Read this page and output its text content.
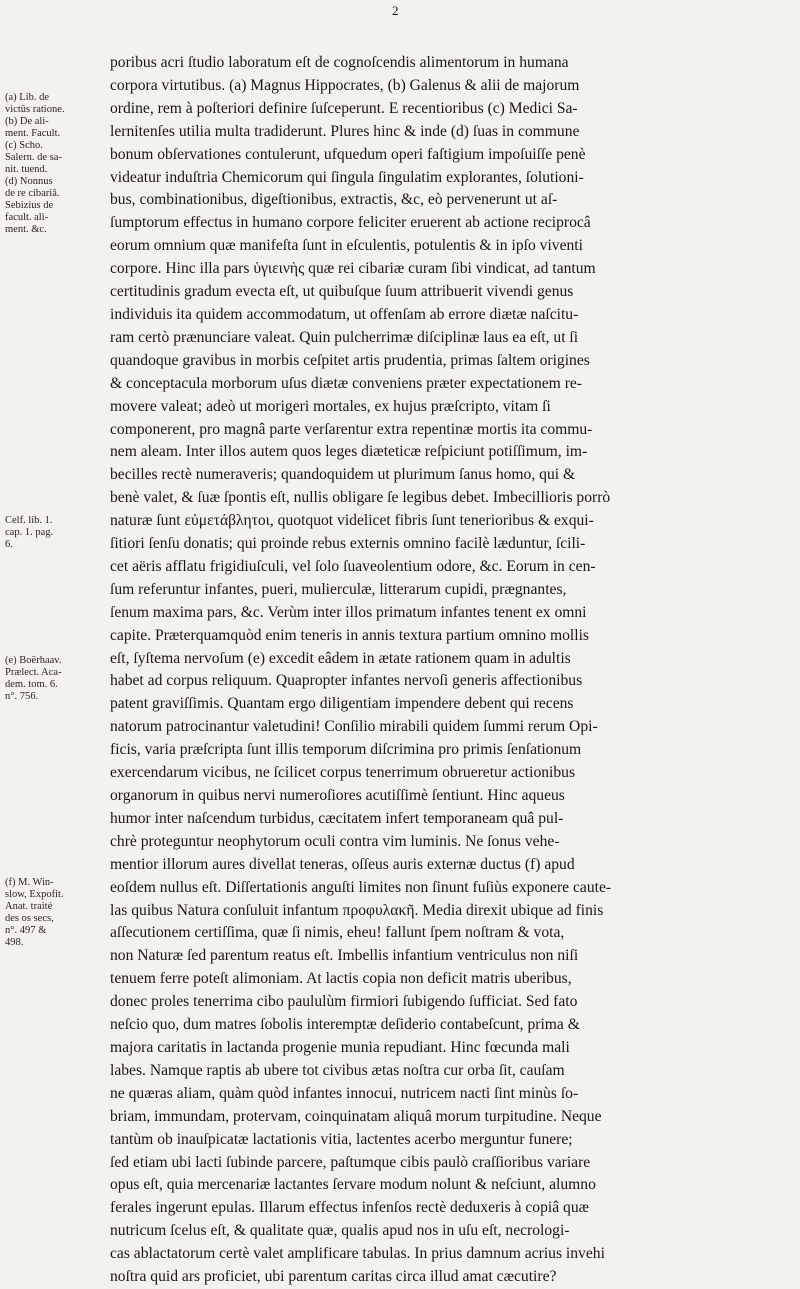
2
(a) Lib. de
victûs ratione.
(b) De ali-
ment. Facult.
(c) Scho.
Salern. de sa-
nit. tuend.
(d) Nonnus
de re cibariâ.
Sebizius de
facult. ali-
ment. &c.
Celf. lib. 1.
cap. 1. pag.
6.
(e) Boërhaav.
Prælect. Aca-
dem. tom. 6.
n°. 756.
(f) M. Win-
slow, Expofit.
Anat. traité
des os secs,
n°. 497 &
498.
poribus acri ſtudio laboratum eſt de cognoſcendis alimentorum in humana
corpora virtutibus. (a) Magnus Hippocrates, (b) Galenus & alii de majorum
ordine, rem à poſteriori definire ſuſceperunt. E recentioribus (c) Medici Sa-
lernitenſes utilia multa tradiderunt. Plures hinc & inde (d) ſuas in commune
bonum obſervationes contulerunt, ufquedum operi faſtigium impoſuiſſe penè
videatur induſtria Chemicorum qui ſingula ſingulatim explorantes, ſolutioni-
bus, combinationibus, digeſtionibus, extractis, &c, eò pervenerunt ut aſ-
ſumptorum effectus in humano corpore feliciter eruerent ab actione reciprocâ
eorum omnium quæ manifeſta ſunt in eſculentis, potulentis & in ipſo viventi
corpore. Hinc illa pars ὑγιεινὴς quæ rei cibariæ curam ſibi vindicat, ad tantum
certitudinis gradum evecta eſt, ut quibuſque ſuum attribuerit vivendi genus
individuis ita quidem accommodatum, ut offenſam ab errore diætæ naſcitu-
ram certò prænunciare valeat. Quin pulcherrimæ diſciplinæ laus ea eſt, ut ſi
quandoque gravibus in morbis ceſpitet artis prudentia, primas ſaltem origines
& conceptacula morborum uſus diætæ conveniens præter expectationem re-
movere valeat; adeò ut morigeri mortales, ex hujus præſcripto, vitam ſi
componerent, pro magnâ parte verſarentur extra repentinæ mortis ita commu-
nem aleam. Inter illos autem quos leges diæteticæ reſpiciunt potiſſimum, im-
becilles rectè numeraveris; quandoquidem ut plurimum ſanus homo, qui &
benè valet, & ſuæ ſpontis eſt, nullis obligare ſe legibus debet. Imbecillioris porrò
naturæ ſunt εὐμετάβλητοι, quotquot videlicet fibris ſunt tenerioribus & exqui-
ſitiori ſenſu donatis; qui proinde rebus externis omnino facilè læduntur, ſcili-
cet aëris afflatu frigidiuſculi, vel ſolo ſuaveolentium odore, &c. Eorum in cen-
ſum referuntur infantes, pueri, mulierculæ, litterarum cupidi, prægnantes,
ſenum maxima pars, &c. Verùm inter illos primatum infantes tenent ex omni
capite. Præterquamquòd enim teneris in annis textura partium omnino mollis
eſt, ſyſtema nervoſum (e) excedit eâdem in ætate rationem quam in adultis
habet ad corpus reliquum. Quapropter infantes nervoſi generis affectionibus
patent graviſſimis. Quantam ergo diligentiam impendere debent qui recens
natorum patrocinantur valetudini! Conſilio mirabili quidem ſummi rerum Opi-
ficis, varia præſcripta ſunt illis temporum diſcrimina pro primis ſenſationum
exercendarum vicibus, ne ſcilicet corpus tenerrimum obrueretur actionibus
organorum in quibus nervi numeroſiores acutiſſimè ſentiunt. Hinc aqueus
humor inter naſcendum turbidus, cæcitatem infert temporaneam quâ pul-
chrè proteguntur neophytorum oculi contra vim luminis. Ne ſonus vehe-
mentior illorum aures divellat teneras, oſſeus auris externæ ductus (f) apud
eoſdem nullus eſt. Diſſertationis anguſti limites non ſinunt fuſiùs exponere caute-
las quibus Natura conſuluit infantum πρoφυλακῆ. Media direxit ubique ad finis
aſſecutionem certiſſima, quæ ſi nimis, eheu! fallunt ſpem noſtram & vota,
non Naturæ ſed parentum reatus eſt. Imbellis infantium ventriculus non niſi
tenuem ferre poteſt alimoniam. At lactis copia non deficit matris uberibus,
donec proles tenerrima cibo paululùm firmiori ſubigendo ſufficiat. Sed fato
neſcio quo, dum matres ſobolis interemptæ deſiderio contabeſcunt, prima &
majora caritatis in lactanda progenie munia repudiant. Hinc fœcunda mali
labes. Namque raptis ab ubere tot civibus ætas noſtra cur orba ſit, cauſam
ne quæras aliam, quàm quòd infantes innocui, nutricem nacti ſint minùs ſo-
briam, immundam, protervam, coinquinatam aliquâ morum turpitudine. Neque
tantùm ob inauſpicatæ lactationis vitia, lactentes acerbo merguntur funere;
ſed etiam ubi lacti ſubinde parcere, paſtumque cibis paulò craſſioribus variare
opus eſt, quia mercenariæ lactantes ſervare modum nolunt & neſciunt, alumno
ferales ingerunt epulas. Illarum effectus infenſos rectè deduxeris à copiâ quæ
nutricum ſcelus eſt, & qualitate quæ, qualis apud nos in uſu eſt, necrologi-
cas ablactatorum certè valet amplificare tabulas. In prius damnum acrius invehi
noſtra quid ars proficiet, ubi parentum caritas circa illud amat cæcutire?
